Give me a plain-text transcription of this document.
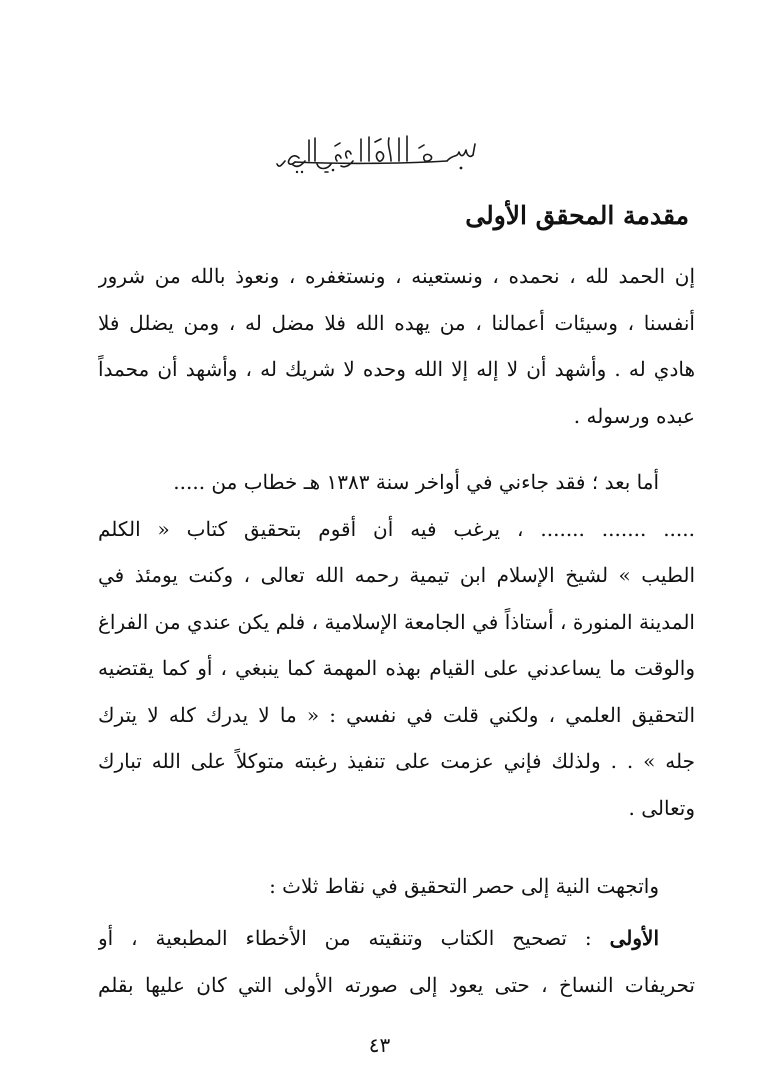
مقدمة المحقق الأولى
إن الحمد لله ، نحمده ، ونستعينه ، ونستغفره ، ونعوذ بالله من شرور
أنفسنا ، وسيئات أعمالنا ، من يهده الله فلا مضل له ، ومن يضلل فلا
هادي له . وأشهد أن لا إله إلا الله وحده لا شريك له ، وأشهد أن محمداً
عبده ورسوله .
أما بعد ؛ فقد جاءني في أواخر سنة ١٣٨٣ هـ خطاب من .....
..... ....... ....... ، يرغب فيه أن أقوم بتحقيق كتاب « الكلم
الطيب » لشيخ الإسلام ابن تيمية رحمه الله تعالى ، وكنت يومئذ في
المدينة المنورة ، أستاذاً في الجامعة الإسلامية ، فلم يكن عندي من الفراغ
والوقت ما يساعدني على القيام بهذه المهمة كما ينبغي ، أو كما يقتضيه
التحقيق العلمي ، ولكني قلت في نفسي : « ما لا يدرك كله لا يترك
جله » . . ولذلك فإني عزمت على تنفيذ رغبته متوكلاً على الله تبارك
وتعالى .
واتجهت النية إلى حصر التحقيق في نقاط ثلاث :
الأولى : تصحيح الكتاب وتنقيته من الأخطاء المطبعية ، أو
تحريفات النساخ ، حتى يعود إلى صورته الأولى التي كان عليها بقلم
٤٣
